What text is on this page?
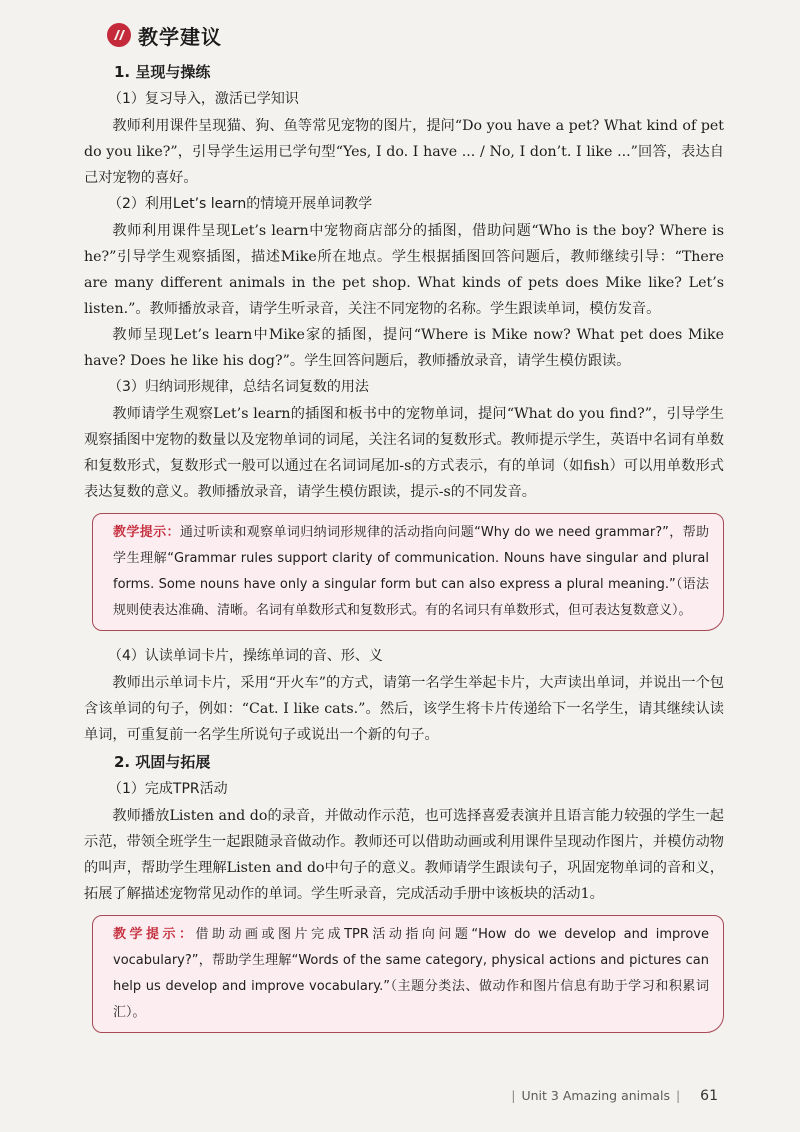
教学建议
1. 呈现与操练
（1）复习导入，激活已学知识

教师利用课件呈现猫、狗、鱼等常见宠物的图片，提问“Do you have a pet? What kind of pet do you like?”，引导学生运用已学句型“Yes, I do. I have ... / No, I don’t. I like ...”回答，表达自己对宠物的喜好。

（2）利用Let’s learn的情境开展单词教学

教师利用课件呈现Let’s learn中宠物商店部分的插图，借助问题“Who is the boy? Where is he?”引导学生观察插图，描述Mike所在地点。学生根据插图回答问题后，教师继续引导：“There are many different animals in the pet shop. What kinds of pets does Mike like? Let’s listen.”。教师播放录音，请学生听录音，关注不同宠物的名称。学生跟读单词，模仿发音。

教师呈现Let’s learn中Mike家的插图，提问“Where is Mike now? What pet does Mike have? Does he like his dog?”。学生回答问题后，教师播放录音，请学生模仿跟读。

（3）归纳词形规律，总结名词复数的用法

教师请学生观察Let’s learn的插图和板书中的宠物单词，提问“What do you find?”，引导学生观察插图中宠物的数量以及宠物单词的词尾，关注名词的复数形式。教师提示学生，英语中名词有单数和复数形式，复数形式一般可以通过在名词词尾加-s的方式表示，有的单词（如fish）可以用单数形式表达复数的意义。教师播放录音，请学生模仿跟读，提示-s的不同发音。

教学提示：通过听读和观察单词归纳词形规律的活动指向问题“Why do we need grammar?”，帮助学生理解“Grammar rules support clarity of communication. Nouns have singular and plural forms. Some nouns have only a singular form but can also express a plural meaning.”（语法规则使表达准确、清晰。名词有单数形式和复数形式。有的名词只有单数形式，但可表达复数意义）。
（4）认读单词卡片，操练单词的音、形、义

教师出示单词卡片，采用“开火车”的方式，请第一名学生举起卡片，大声读出单词，并说出一个包含该单词的句子，例如：“Cat. I like cats.”。然后，该学生将卡片传递给下一名学生，请其继续认读单词，可重复前一名学生所说句子或说出一个新的句子。

2. 巩固与拓展
（1）完成TPR活动

教师播放Listen and do的录音，并做动作示范，也可选择喜爱表演并且语言能力较强的学生一起示范，带领全班学生一起跟随录音做动作。教师还可以借助动画或利用课件呈现动作图片，并模仿动物的叫声，帮助学生理解Listen and do中句子的意义。教师请学生跟读句子，巩固宠物单词的音和义，拓展了解描述宠物常见动作的单词。学生听录音，完成活动手册中该板块的活动1。

教学提示：借助动画或图片完成TPR活动指向问题“How do we develop and improve vocabulary?”，帮助学生理解“Words of the same category, physical actions and pictures can help us develop and improve vocabulary.”（主题分类法、做动作和图片信息有助于学习和积累词汇）。
| Unit 3 Amazing animals | 61
